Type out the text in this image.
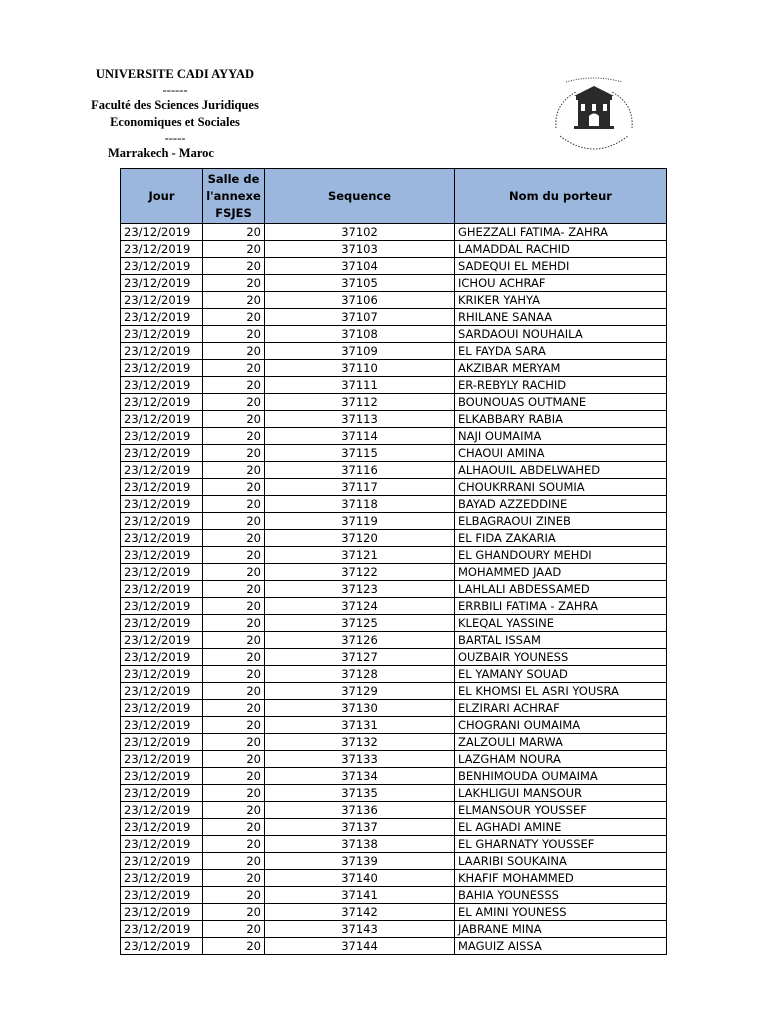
UNIVERSITE CADI AYYAD
------
Faculté des Sciences Juridiques
Economiques et Sociales
-----
Marrakech - Maroc
Jour	Salle de l'annexe FSJES	Sequence	Nom du porteur
23/12/2019	20	37102	GHEZZALI FATIMA- ZAHRA
23/12/2019	20	37103	LAMADDAL RACHID
23/12/2019	20	37104	SADEQUI EL MEHDI
23/12/2019	20	37105	ICHOU ACHRAF
23/12/2019	20	37106	KRIKER YAHYA
23/12/2019	20	37107	RHILANE SANAA
23/12/2019	20	37108	SARDAOUI NOUHAILA
23/12/2019	20	37109	EL FAYDA SARA
23/12/2019	20	37110	AKZIBAR MERYAM
23/12/2019	20	37111	ER-REBYLY RACHID
23/12/2019	20	37112	BOUNOUAS OUTMANE
23/12/2019	20	37113	ELKABBARY RABIA
23/12/2019	20	37114	NAJI OUMAIMA
23/12/2019	20	37115	CHAOUI AMINA
23/12/2019	20	37116	ALHAOUIL ABDELWAHED
23/12/2019	20	37117	CHOUKRRANI SOUMIA
23/12/2019	20	37118	BAYAD AZZEDDINE
23/12/2019	20	37119	ELBAGRAOUI ZINEB
23/12/2019	20	37120	EL FIDA ZAKARIA
23/12/2019	20	37121	EL GHANDOURY MEHDI
23/12/2019	20	37122	MOHAMMED JAAD
23/12/2019	20	37123	LAHLALI ABDESSAMED
23/12/2019	20	37124	ERRBILI FATIMA - ZAHRA
23/12/2019	20	37125	KLEQAL YASSINE
23/12/2019	20	37126	BARTAL ISSAM
23/12/2019	20	37127	OUZBAIR YOUNESS
23/12/2019	20	37128	EL YAMANY SOUAD
23/12/2019	20	37129	EL KHOMSI EL ASRI YOUSRA
23/12/2019	20	37130	ELZIRARI ACHRAF
23/12/2019	20	37131	CHOGRANI OUMAIMA
23/12/2019	20	37132	ZALZOULI MARWA
23/12/2019	20	37133	LAZGHAM NOURA
23/12/2019	20	37134	BENHIMOUDA OUMAIMA
23/12/2019	20	37135	LAKHLIGUI MANSOUR
23/12/2019	20	37136	ELMANSOUR YOUSSEF
23/12/2019	20	37137	EL AGHADI AMINE
23/12/2019	20	37138	EL GHARNATY YOUSSEF
23/12/2019	20	37139	LAARIBI SOUKAINA
23/12/2019	20	37140	KHAFIF MOHAMMED
23/12/2019	20	37141	BAHIA YOUNESSS
23/12/2019	20	37142	EL AMINI YOUNESS
23/12/2019	20	37143	JABRANE MINA
23/12/2019	20	37144	MAGUIZ AISSA
